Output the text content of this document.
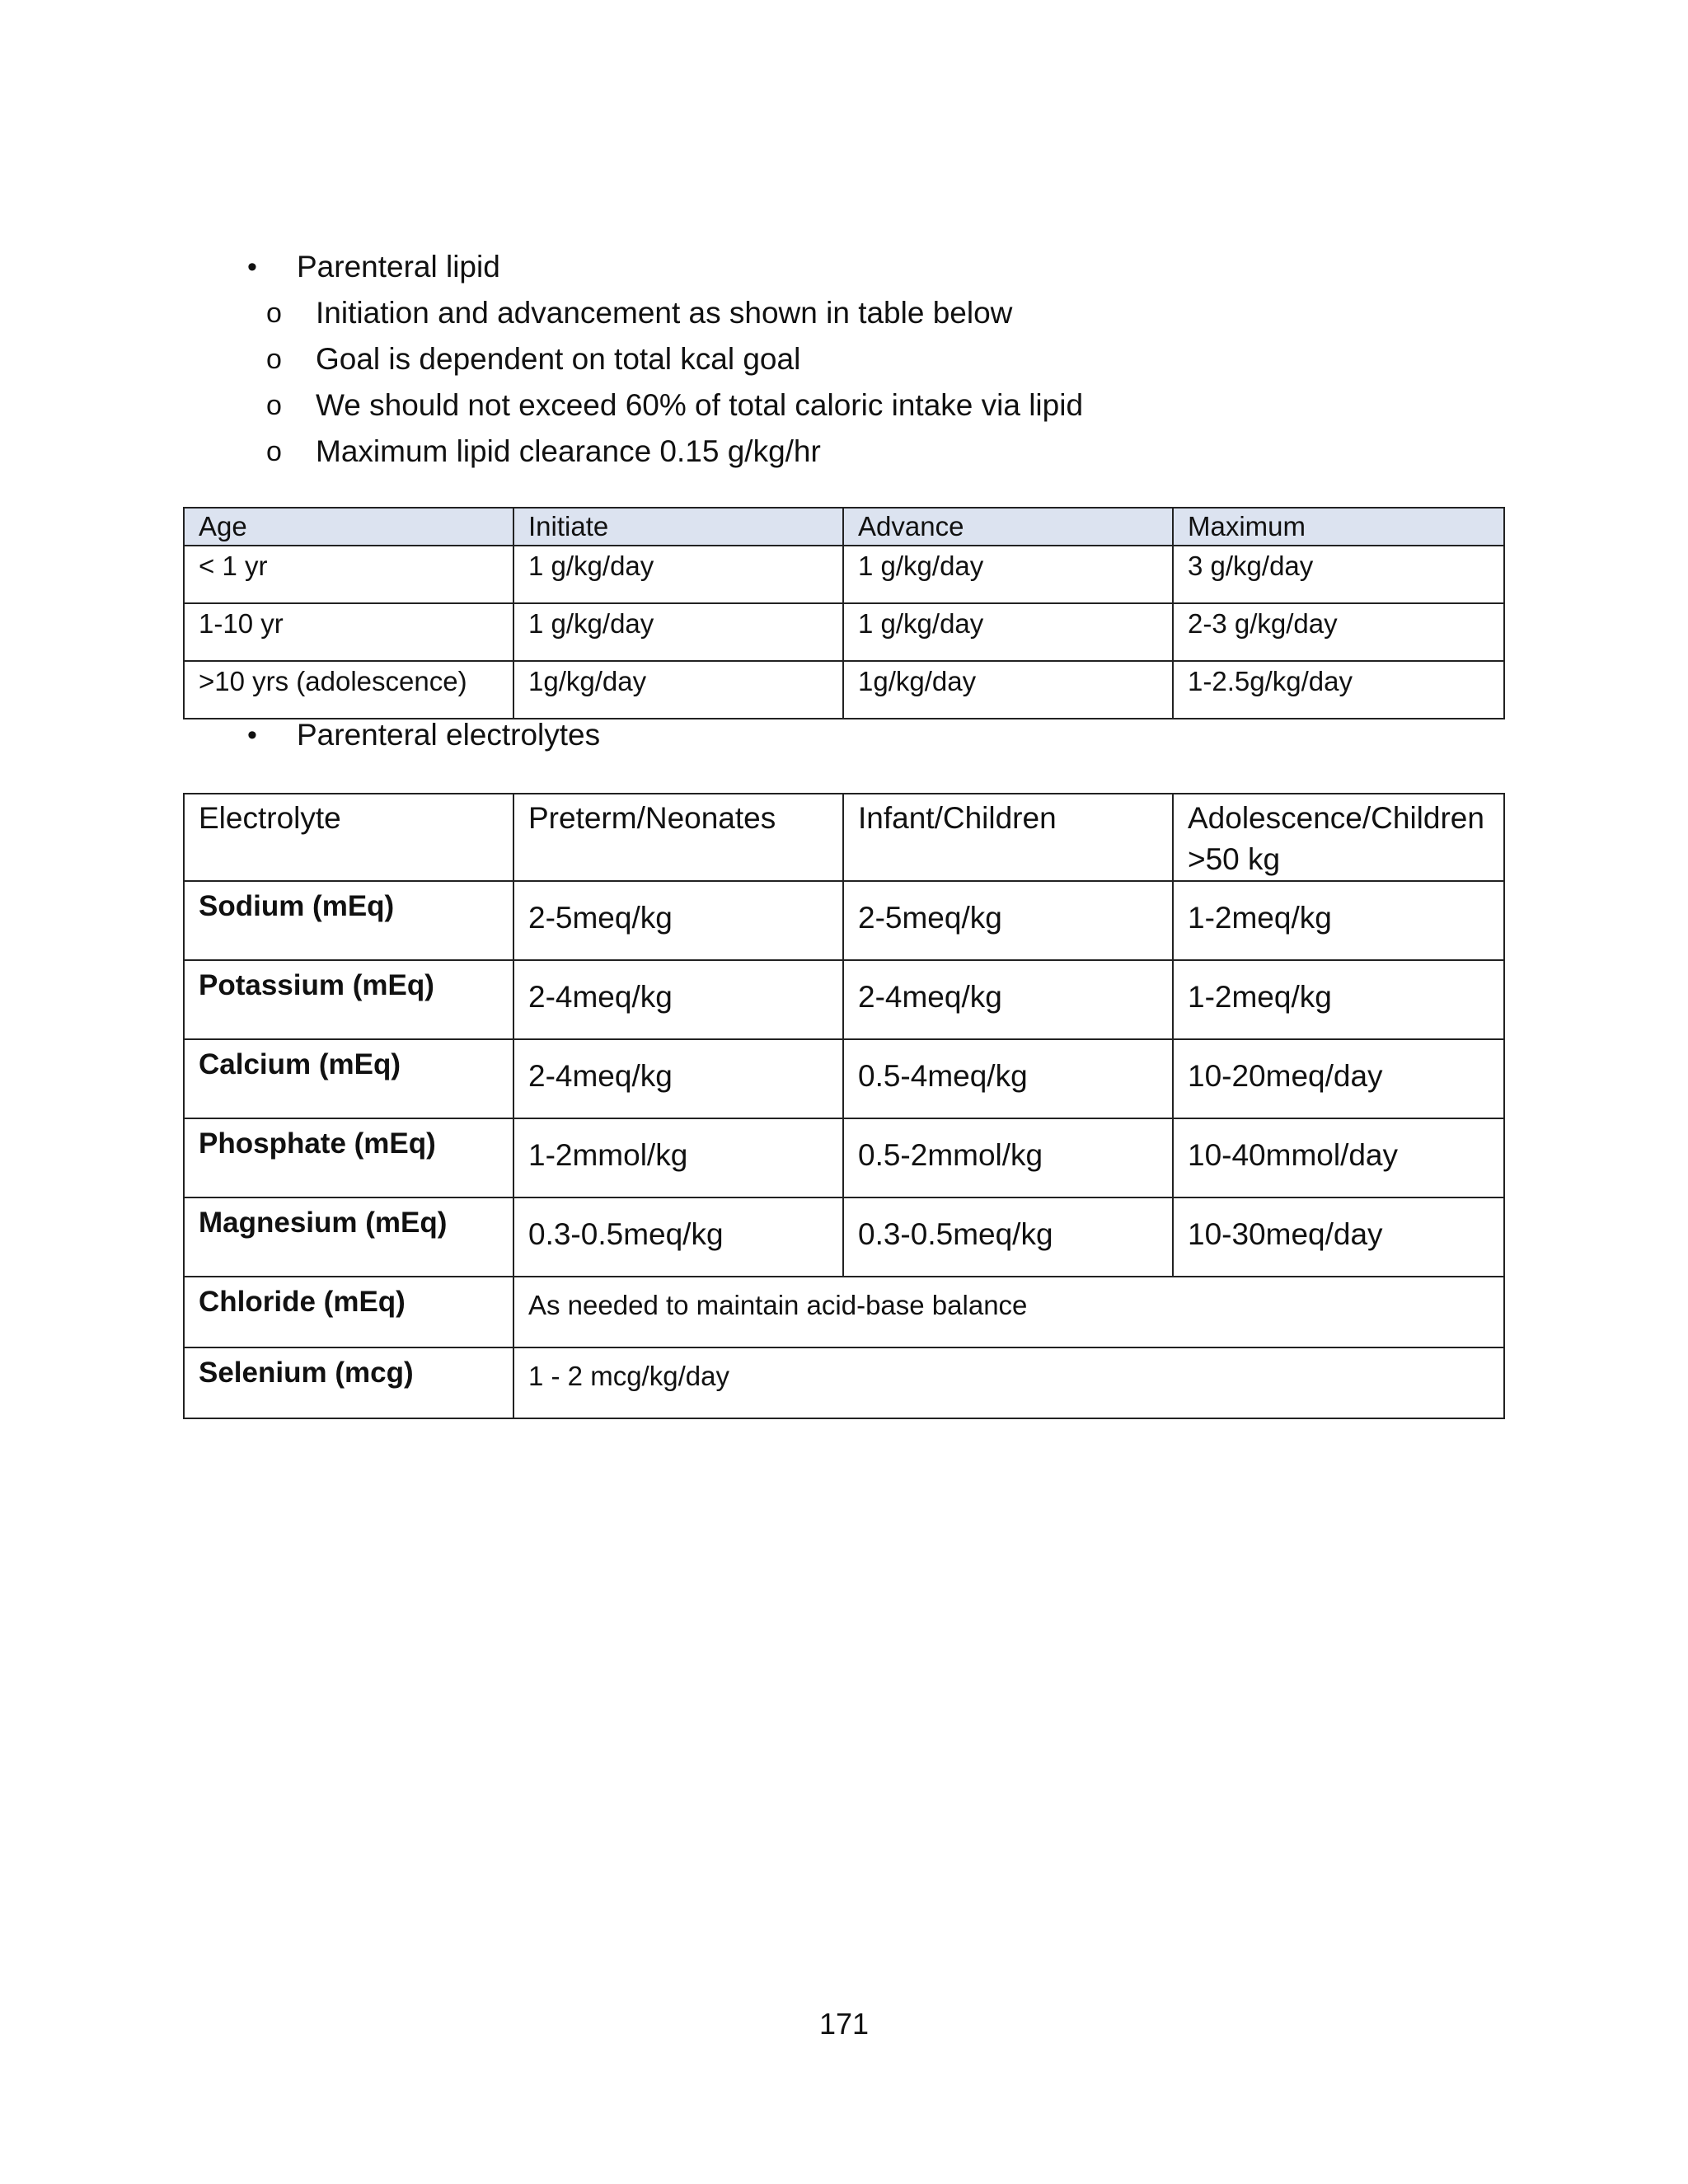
• Parenteral lipid
o Initiation and advancement as shown in table below
o Goal is dependent on total kcal goal
o We should not exceed 60% of total caloric intake via lipid
o Maximum lipid clearance 0.15 g/kg/hr
Age	Initiate	Advance	Maximum
< 1 yr	1 g/kg/day	1 g/kg/day	3 g/kg/day
1-10 yr	1 g/kg/day	1 g/kg/day	2-3 g/kg/day
>10 yrs (adolescence)	1g/kg/day	1g/kg/day	1-2.5g/kg/day
• Parenteral electrolytes
Electrolyte	Preterm/Neonates	Infant/Children	Adolescence/Children >50 kg
Sodium (mEq)	2-5meq/kg	2-5meq/kg	1-2meq/kg
Potassium (mEq)	2-4meq/kg	2-4meq/kg	1-2meq/kg
Calcium (mEq)	2-4meq/kg	0.5-4meq/kg	10-20meq/day
Phosphate (mEq)	1-2mmol/kg	0.5-2mmol/kg	10-40mmol/day
Magnesium (mEq)	0.3-0.5meq/kg	0.3-0.5meq/kg	10-30meq/day
Chloride (mEq)	As needed to maintain acid-base balance		
Selenium (mcg)	1 - 2 mcg/kg/day		
171
